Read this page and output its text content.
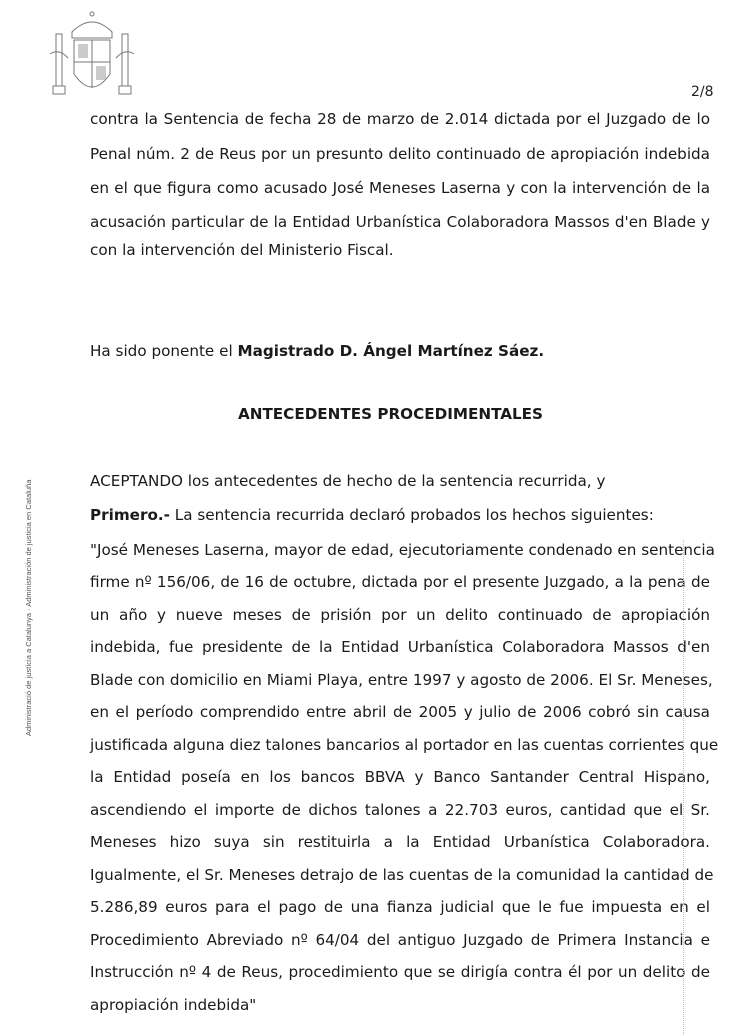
2/8
Administració de justícia a Catalunya · Administración de justicia en Cataluña
contra la Sentencia de fecha 28 de marzo de 2.014 dictada por el Juzgado de lo
Penal núm. 2 de Reus por un presunto delito continuado de apropiación indebida
en el que figura como acusado José Meneses Laserna y con la intervención de la
acusación particular de la Entidad Urbanística Colaboradora Massos d'en Blade y
con la intervención del Ministerio Fiscal.
Ha sido ponente el Magistrado D. Ángel Martínez Sáez.
ANTECEDENTES PROCEDIMENTALES
ACEPTANDO los antecedentes de hecho de la sentencia recurrida, y
Primero.- La sentencia recurrida declaró probados los hechos siguientes:
"José Meneses Laserna, mayor de edad, ejecutoriamente condenado en sentencia
firme nº 156/06, de 16 de octubre, dictada por el presente Juzgado, a la pena de
un año y nueve meses de prisión por un delito continuado de apropiación
indebida, fue presidente de la Entidad Urbanística Colaboradora Massos d'en
Blade con domicilio en Miami Playa, entre 1997 y agosto de 2006. El Sr. Meneses,
en el período comprendido entre abril de 2005 y julio de 2006 cobró sin causa
justificada alguna diez talones bancarios al portador en las cuentas corrientes que
la Entidad poseía en los bancos BBVA y Banco Santander Central Hispano,
ascendiendo el importe de dichos talones a 22.703 euros, cantidad que el Sr.
Meneses hizo suya sin restituirla a la Entidad Urbanística Colaboradora.
Igualmente, el Sr. Meneses detrajo de las cuentas de la comunidad la cantidad de
5.286,89 euros para el pago de una fianza judicial que le fue impuesta en el
Procedimiento Abreviado nº 64/04 del antiguo Juzgado de Primera Instancia e
Instrucción nº 4 de Reus, procedimiento que se dirigía contra él por un delito de
apropiación indebida"
